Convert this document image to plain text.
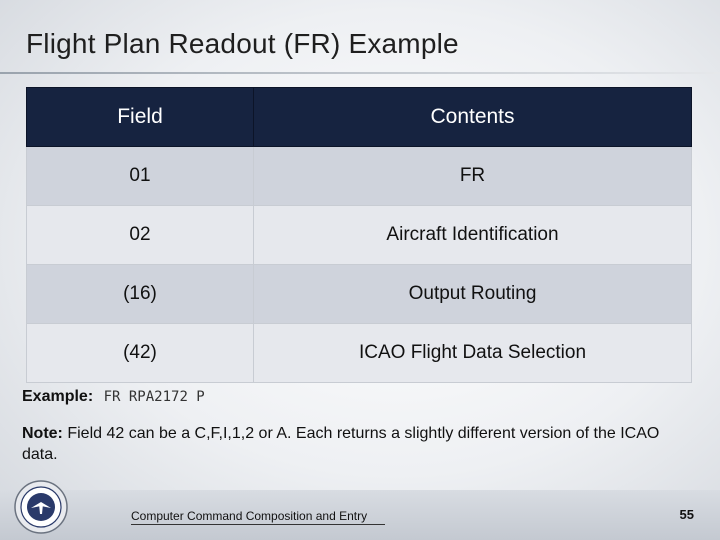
Flight Plan Readout (FR) Example
Field	Contents
01	FR
02	Aircraft Identification
(16)	Output Routing
(42)	ICAO Flight Data Selection
Example: FR RPA2172 P
Note: Field 42 can be a C,F,I,1,2 or A. Each returns a slightly different version of the ICAO data.
Computer Command Composition and Entry	55
